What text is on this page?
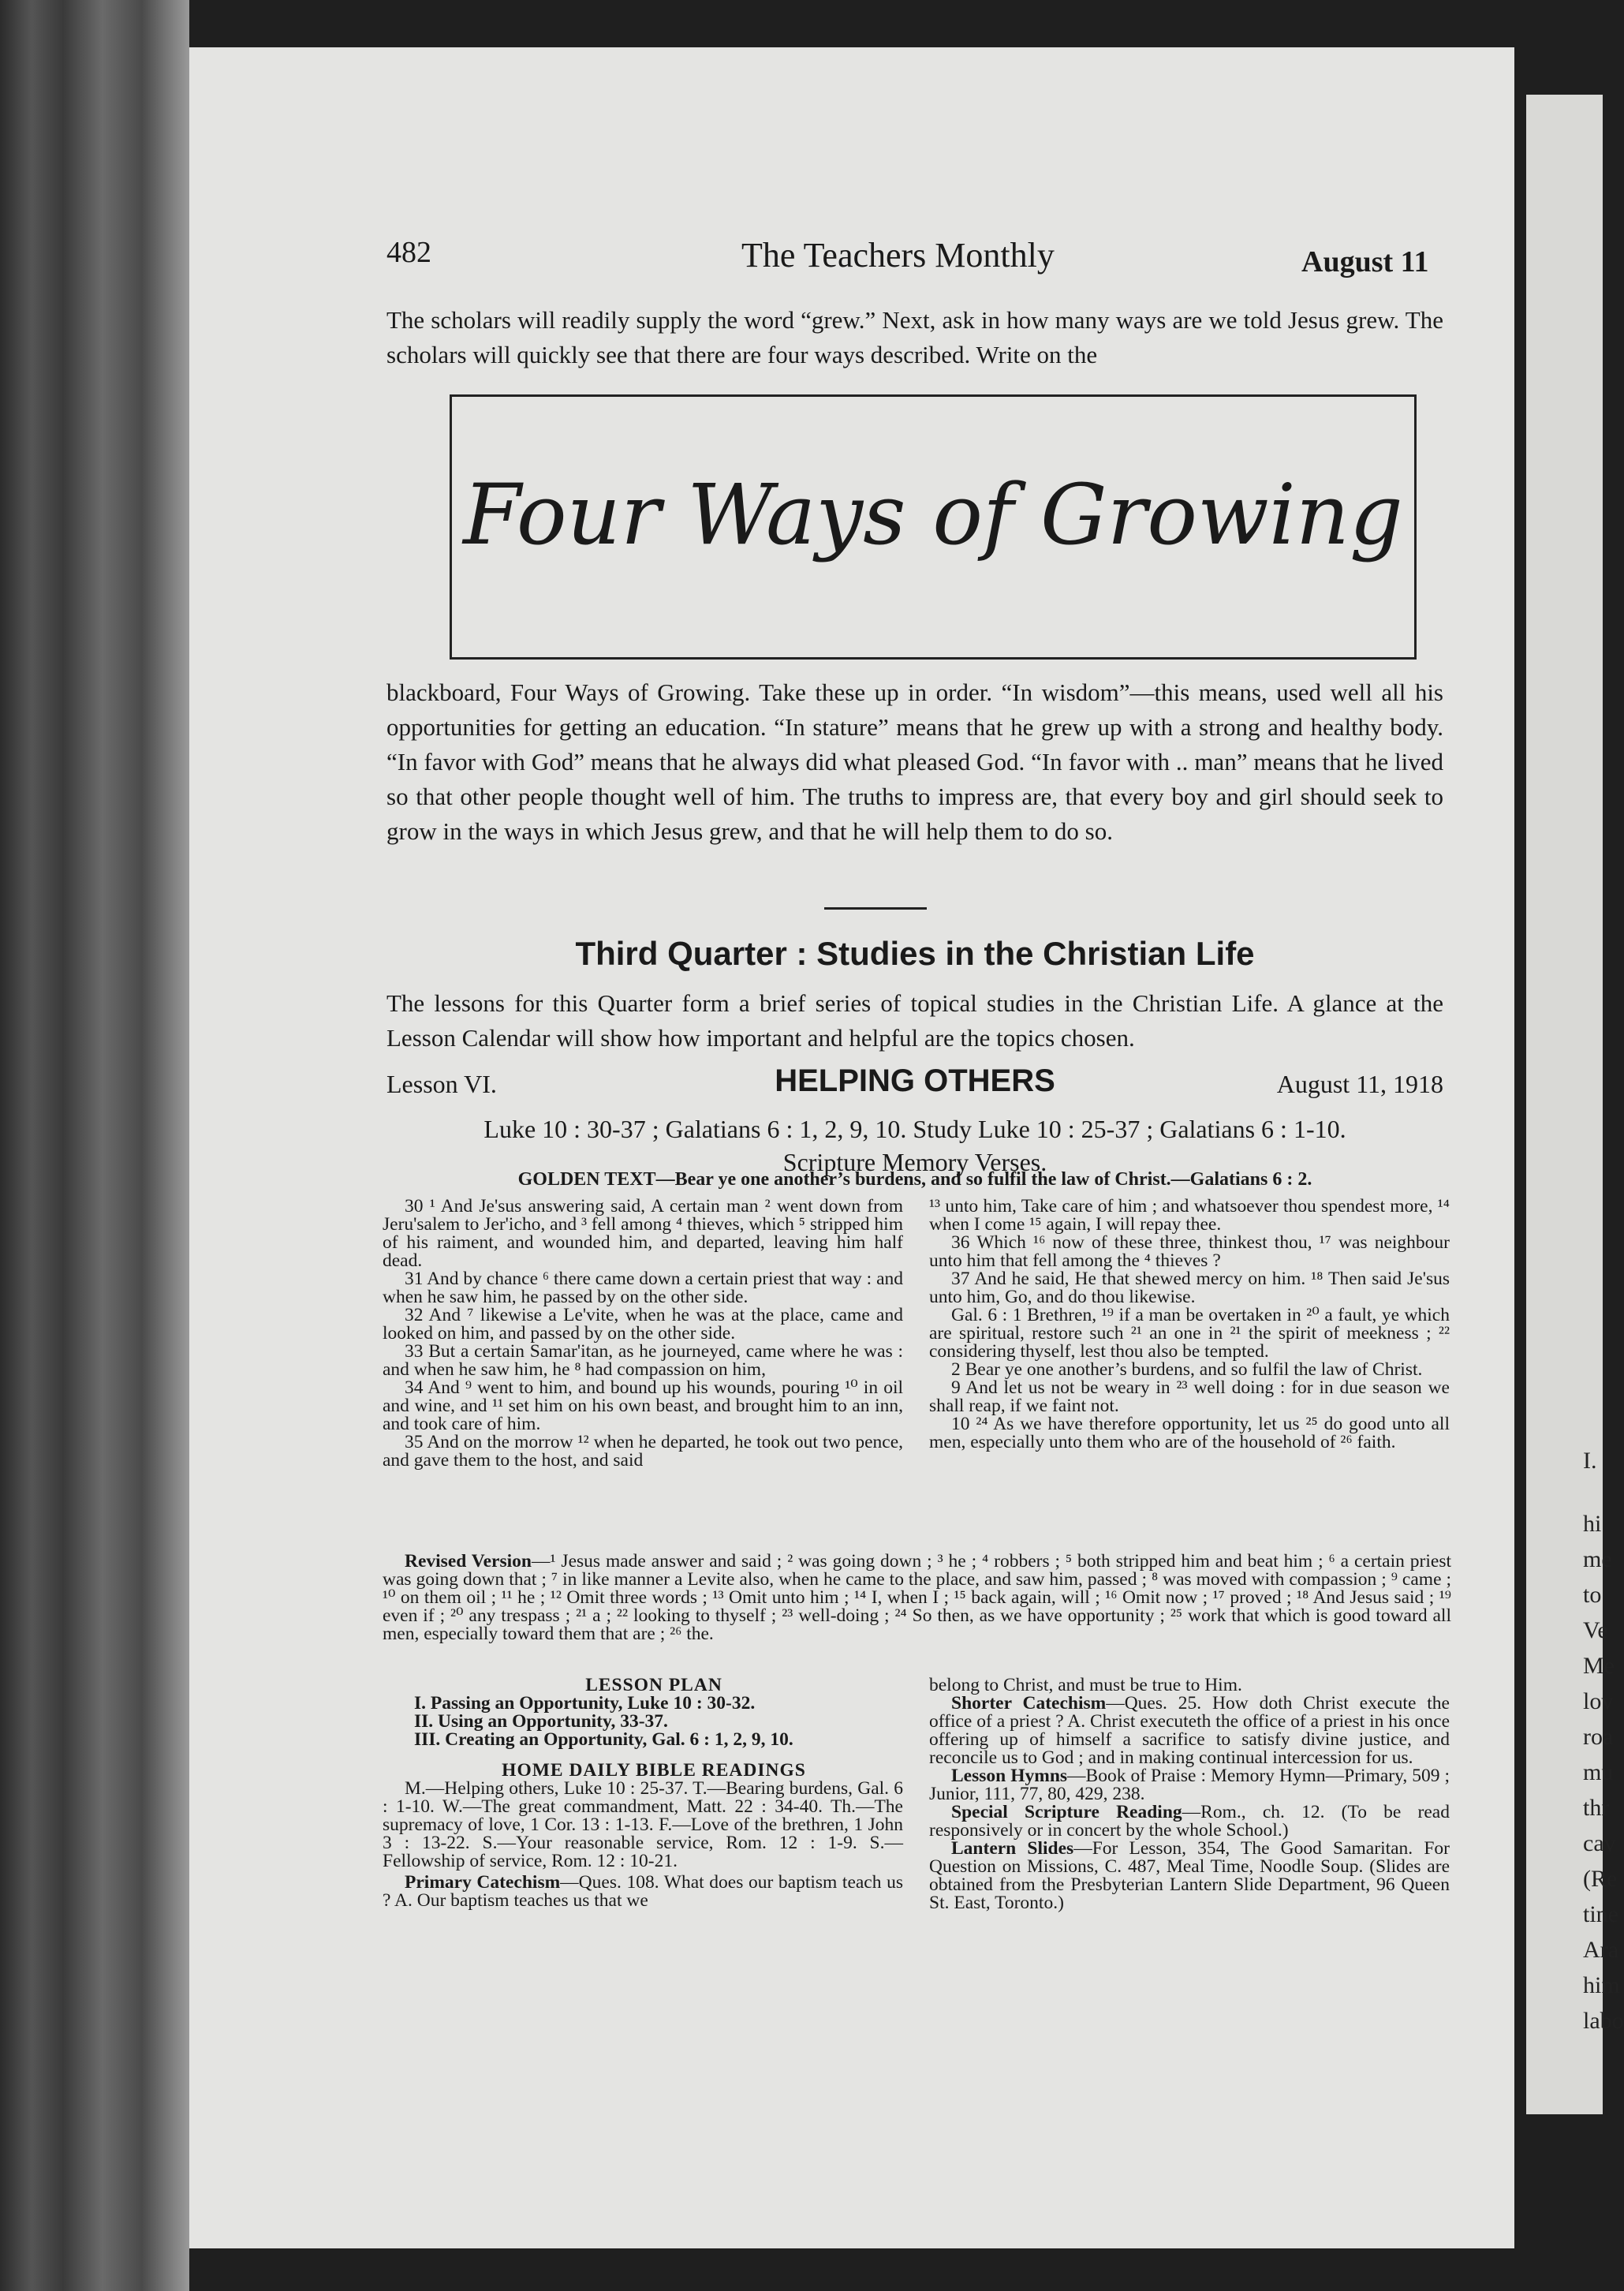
I.
hi
me
to
Ve
Me
lov
roa
mu
thr
cav
(Re
tine
Ara
him
labo
482	The Teachers Monthly	August 11
The scholars will readily supply the word “grew.” Next, ask in how many ways are we told Jesus grew. The scholars will quickly see that there are four ways described. Write on the
Four Ways of Growing
blackboard, Four Ways of Growing. Take these up in order. “In wisdom”—this means, used well all his opportunities for getting an education. “In stature” means that he grew up with a strong and healthy body. “In favor with God” means that he always did what pleased God. “In favor with .. man” means that he lived so that other people thought well of him. The truths to impress are, that every boy and girl should seek to grow in the ways in which Jesus grew, and that he will help them to do so.
Third Quarter : Studies in the Christian Life
The lessons for this Quarter form a brief series of topical studies in the Christian Life. A glance at the Lesson Calendar will show how important and helpful are the topics chosen.
Lesson VI.	HELPING OTHERS	August 11, 1918
Luke 10 : 30-37 ; Galatians 6 : 1, 2, 9, 10. Study Luke 10 : 25-37 ; Galatians 6 : 1-10.
Scripture Memory Verses.
GOLDEN TEXT—Bear ye one another’s burdens, and so fulfil the law of Christ.—Galatians 6 : 2.

30 ¹ And Je'sus answering said, A certain man ² went down from Jeru'salem to Jer'icho, and ³ fell among ⁴ thieves, which ⁵ stripped him of his raiment, and wounded him, and departed, leaving him half dead.

31 And by chance ⁶ there came down a certain priest that way : and when he saw him, he passed by on the other side.

32 And ⁷ likewise a Le'vite, when he was at the place, came and looked on him, and passed by on the other side.

33 But a certain Samar'itan, as he journeyed, came where he was : and when he saw him, he ⁸ had compassion on him,

34 And ⁹ went to him, and bound up his wounds, pouring ¹⁰ in oil and wine, and ¹¹ set him on his own beast, and brought him to an inn, and took care of him.

35 And on the morrow ¹² when he departed, he took out two pence, and gave them to the host, and said

¹³ unto him, Take care of him ; and whatsoever thou spendest more, ¹⁴ when I come ¹⁵ again, I will repay thee.

36 Which ¹⁶ now of these three, thinkest thou, ¹⁷ was neighbour unto him that fell among the ⁴ thieves ?

37 And he said, He that shewed mercy on him. ¹⁸ Then said Je'sus unto him, Go, and do thou likewise.

Gal. 6 : 1 Brethren, ¹⁹ if a man be overtaken in ²⁰ a fault, ye which are spiritual, restore such ²¹ an one in ²¹ the spirit of meekness ; ²² considering thyself, lest thou also be tempted.

2 Bear ye one another’s burdens, and so fulfil the law of Christ.

9 And let us not be weary in ²³ well doing : for in due season we shall reap, if we faint not.

10 ²⁴ As we have therefore opportunity, let us ²⁵ do good unto all men, especially unto them who are of the household of ²⁶ faith.

Revised Version—¹ Jesus made answer and said ; ² was going down ; ³ he ; ⁴ robbers ; ⁵ both stripped him and beat him ; ⁶ a certain priest was going down that ; ⁷ in like manner a Levite also, when he came to the place, and saw him, passed ; ⁸ was moved with compassion ; ⁹ came ; ¹⁰ on them oil ; ¹¹ he ; ¹² Omit three words ; ¹³ Omit unto him ; ¹⁴ I, when I ; ¹⁵ back again, will ; ¹⁶ Omit now ; ¹⁷ proved ; ¹⁸ And Jesus said ; ¹⁹ even if ; ²⁰ any trespass ; ²¹ a ; ²² looking to thyself ; ²³ well-doing ; ²⁴ So then, as we have opportunity ; ²⁵ work that which is good toward all men, especially toward them that are ; ²⁶ the.

LESSON PLAN

I. Passing an Opportunity, Luke 10 : 30-32.

II. Using an Opportunity, 33-37.

III. Creating an Opportunity, Gal. 6 : 1, 2, 9, 10.

HOME DAILY BIBLE READINGS

M.—Helping others, Luke 10 : 25-37. T.—Bearing burdens, Gal. 6 : 1-10. W.—The great commandment, Matt. 22 : 34-40. Th.—The supremacy of love, 1 Cor. 13 : 1-13. F.—Love of the brethren, 1 John 3 : 13-22. S.—Your reasonable service, Rom. 12 : 1-9. S.—Fellowship of service, Rom. 12 : 10-21.

Primary Catechism—Ques. 108. What does our baptism teach us ? A. Our baptism teaches us that we

belong to Christ, and must be true to Him.

Shorter Catechism—Ques. 25. How doth Christ execute the office of a priest ? A. Christ executeth the office of a priest in his once offering up of himself a sacrifice to satisfy divine justice, and reconcile us to God ; and in making continual intercession for us.

Lesson Hymns—Book of Praise : Memory Hymn—Primary, 509 ; Junior, 111, 77, 80, 429, 238.

Special Scripture Reading—Rom., ch. 12. (To be read responsively or in concert by the whole School.)

Lantern Slides—For Lesson, 354, The Good Samaritan. For Question on Missions, C. 487, Meal Time, Noodle Soup. (Slides are obtained from the Presbyterian Lantern Slide Department, 96 Queen St. East, Toronto.)
